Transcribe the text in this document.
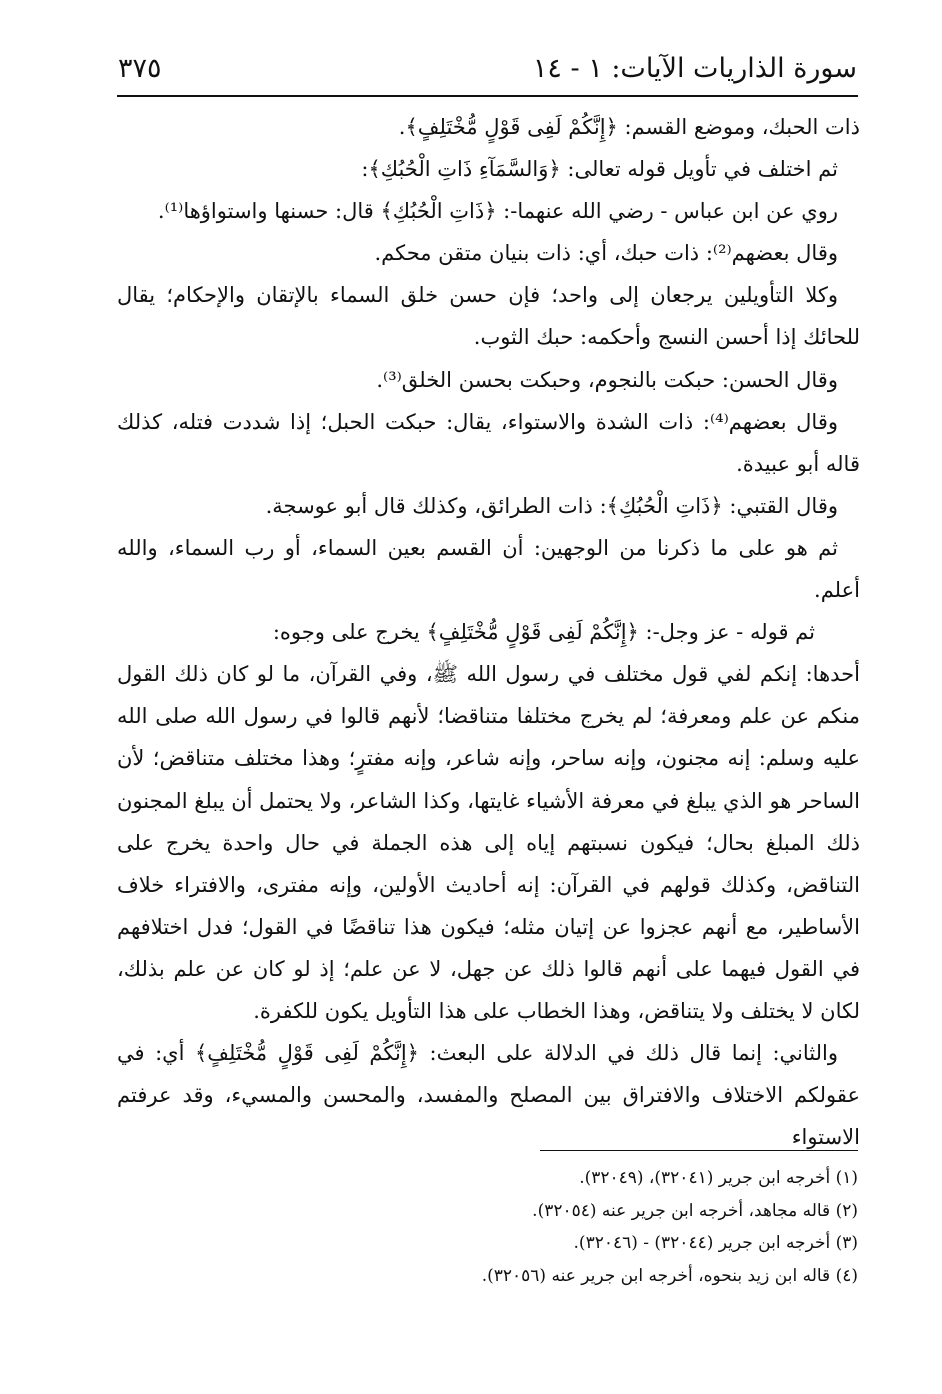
٣٧٥	سورة الذاريات الآيات: ١ - ١٤

ذات الحبك، وموضع القسم: ﴿إِنَّكُمْ لَفِى قَوْلٍ مُّخْتَلِفٍ﴾.

ثم اختلف في تأويل قوله تعالى: ﴿وَالسَّمَآءِ ذَاتِ الْحُبُكِ﴾:

روي عن ابن عباس - رضي الله عنهما-: ﴿ذَاتِ الْحُبُكِ﴾ قال: حسنها واستواؤها⁽¹⁾.

وقال بعضهم⁽²⁾: ذات حبك، أي: ذات بنيان متقن محكم.

وكلا التأويلين يرجعان إلى واحد؛ فإن حسن خلق السماء بالإتقان والإحكام؛ يقال للحائك إذا أحسن النسج وأحكمه: حبك الثوب.

وقال الحسن: حبكت بالنجوم، وحبكت بحسن الخلق⁽³⁾.

وقال بعضهم⁽⁴⁾: ذات الشدة والاستواء، يقال: حبكت الحبل؛ إذا شددت فتله، كذلك قاله أبو عبيدة.

وقال القتبي: ﴿ذَاتِ الْحُبُكِ﴾: ذات الطرائق، وكذلك قال أبو عوسجة.

ثم هو على ما ذكرنا من الوجهين: أن القسم بعين السماء، أو رب السماء، والله أعلم.

ثم قوله - عز وجل-: ﴿إِنَّكُمْ لَفِى قَوْلٍ مُّخْتَلِفٍ﴾ يخرج على وجوه:

أحدها: إنكم لفي قول مختلف في رسول الله ﷺ، وفي القرآن، ما لو كان ذلك القول منكم عن علم ومعرفة؛ لم يخرج مختلفا متناقضا؛ لأنهم قالوا في رسول الله صلى الله عليه وسلم: إنه مجنون، وإنه ساحر، وإنه شاعر، وإنه مفترٍ؛ وهذا مختلف متناقض؛ لأن الساحر هو الذي يبلغ في معرفة الأشياء غايتها، وكذا الشاعر، ولا يحتمل أن يبلغ المجنون ذلك المبلغ بحال؛ فيكون نسبتهم إياه إلى هذه الجملة في حال واحدة يخرج على التناقض، وكذلك قولهم في القرآن: إنه أحاديث الأولين، وإنه مفترى، والافتراء خلاف الأساطير، مع أنهم عجزوا عن إتيان مثله؛ فيكون هذا تناقضًا في القول؛ فدل اختلافهم في القول فيهما على أنهم قالوا ذلك عن جهل، لا عن علم؛ إذ لو كان عن علم بذلك، لكان لا يختلف ولا يتناقض، وهذا الخطاب على هذا التأويل يكون للكفرة.

والثاني: إنما قال ذلك في الدلالة على البعث: ﴿إِنَّكُمْ لَفِى قَوْلٍ مُّخْتَلِفٍ﴾ أي: في عقولكم الاختلاف والافتراق بين المصلح والمفسد، والمحسن والمسيء، وقد عرفتم الاستواء

(١) أخرجه ابن جرير (٣٢٠٤١)، (٣٢٠٤٩).

(٢) قاله مجاهد، أخرجه ابن جرير عنه (٣٢٠٥٤).

(٣) أخرجه ابن جرير (٣٢٠٤٤) - (٣٢٠٤٦).

(٤) قاله ابن زيد بنحوه، أخرجه ابن جرير عنه (٣٢٠٥٦).
